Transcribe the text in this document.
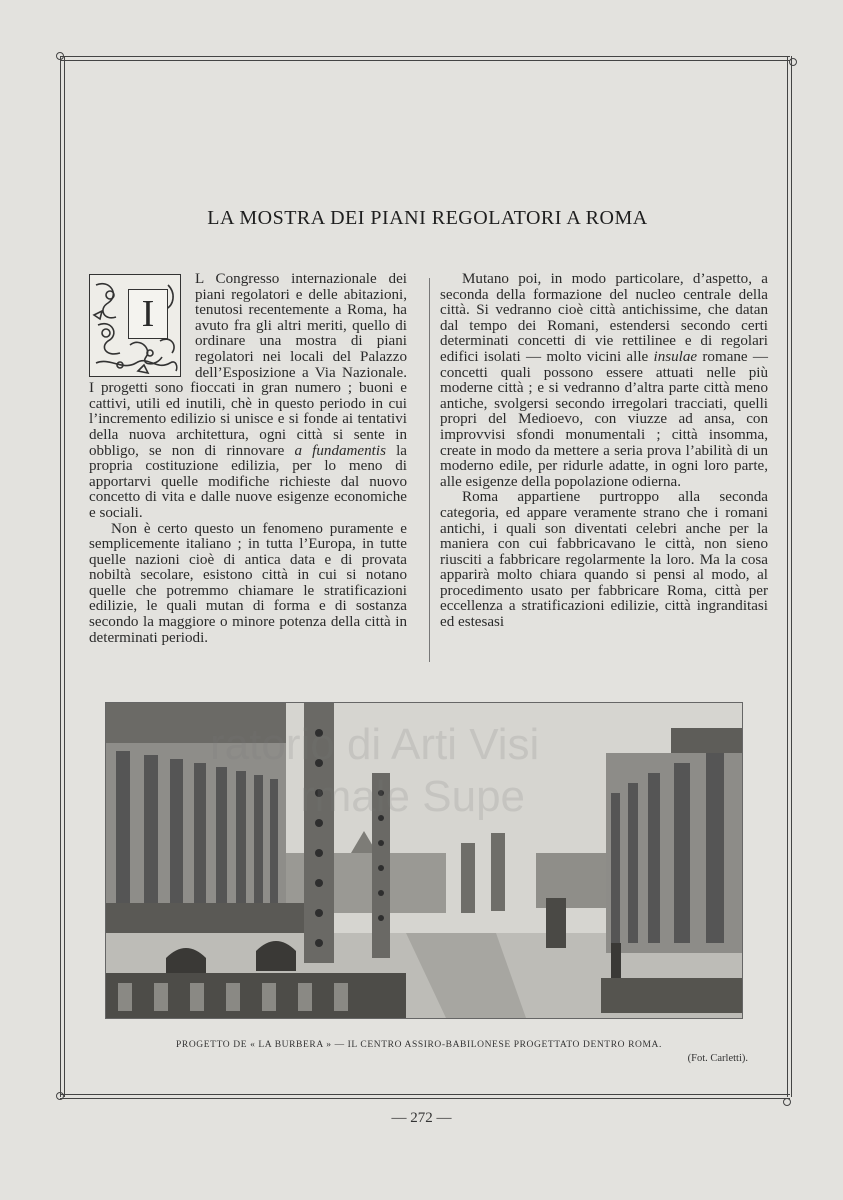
LA MOSTRA DEI PIANI REGOLATORI A ROMA
I

L Congresso internazionale dei piani regolatori e delle abitazioni, tenutosi recentemente a Roma, ha avuto fra gli altri meriti, quello di ordinare una mostra di piani regolatori nei locali del Palazzo dell’Esposizione a Via Nazionale. I progetti sono fioccati in gran numero ; buoni e cattivi, utili ed inutili, chè in questo periodo in cui l’incremento edilizio si unisce e si fonde ai tentativi della nuova architettura, ogni città si sente in obbligo, se non di rinnovare a fundamentis la propria costituzione edilizia, per lo meno di apportarvi quelle modifiche richieste dal nuovo concetto di vita e dalle nuove esigenze economiche e sociali.

Non è certo questo un fenomeno puramente e semplicemente italiano ; in tutta l’Europa, in tutte quelle nazioni cioè di antica data e di provata nobiltà secolare, esistono città in cui si notano quelle che potremmo chiamare le stratificazioni edilizie, le quali mutan di forma e di sostanza secondo la maggiore o minore potenza della città in determinati periodi.

Mutano poi, in modo particolare, d’aspetto, a seconda della formazione del nucleo centrale della città. Si vedranno cioè città antichissime, che datan dal tempo dei Romani, estendersi secondo certi determinati concetti di vie rettilinee e di regolari edifici isolati — molto vicini alle insulae romane — concetti quali possono essere attuati nelle più moderne città ; e si vedranno d’altra parte città meno antiche, svolgersi secondo irregolari tracciati, quelli propri del Medioevo, con viuzze ad ansa, con improvvisi sfondi monumentali ; città insomma, create in modo da mettere a seria prova l’abilità di un moderno edile, per ridurle adatte, in ogni loro parte, alle esigenze della popolazione odierna.

Roma appartiene purtroppo alla seconda categoria, ed appare veramente strano che i romani antichi, i quali son diventati celebri anche per la maniera con cui fabbricavano le città, non sieno riusciti a fabbricare regolarmente la loro. Ma la cosa apparirà molto chiara quando si pensi al modo, al procedimento usato per fabbricare Roma, città per eccellenza a stratificazioni edilizie, città ingranditasi ed estesasi

ratorio di Arti Visi
rmale Supe
PROGETTO DE « LA BURBERA » — IL CENTRO ASSIRO-BABILONESE PROGETTATO DENTRO ROMA.
(Fot. Carletti).
— 272 —
